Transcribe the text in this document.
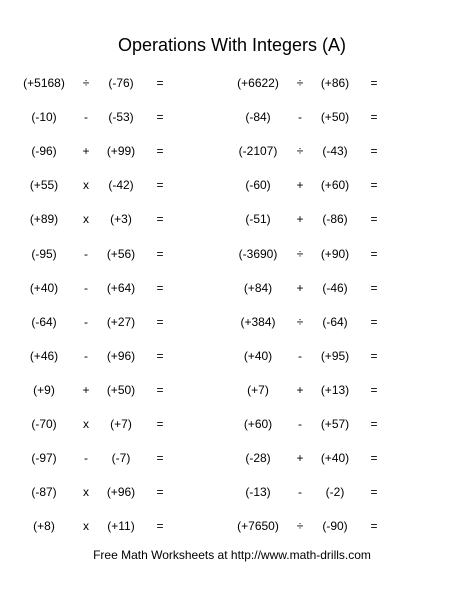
Operations With Integers (A)
(+5168)	÷	(-76)	=
(-10)	-	(-53)	=
(-96)	+	(+99)	=
(+55)	x	(-42)	=
(+89)	x	(+3)	=
(-95)	-	(+56)	=
(+40)	-	(+64)	=
(-64)	-	(+27)	=
(+46)	-	(+96)	=
(+9)	+	(+50)	=
(-70)	x	(+7)	=
(-97)	-	(-7)	=
(-87)	x	(+96)	=
(+8)	x	(+11)	=
(+6622)	÷	(+86)	=
(-84)	-	(+50)	=
(-2107)	÷	(-43)	=
(-60)	+	(+60)	=
(-51)	+	(-86)	=
(-3690)	÷	(+90)	=
(+84)	+	(-46)	=
(+384)	÷	(-64)	=
(+40)	-	(+95)	=
(+7)	+	(+13)	=
(+60)	-	(+57)	=
(-28)	+	(+40)	=
(-13)	-	(-2)	=
(+7650)	÷	(-90)	=
Free Math Worksheets at http://www.math-drills.com
